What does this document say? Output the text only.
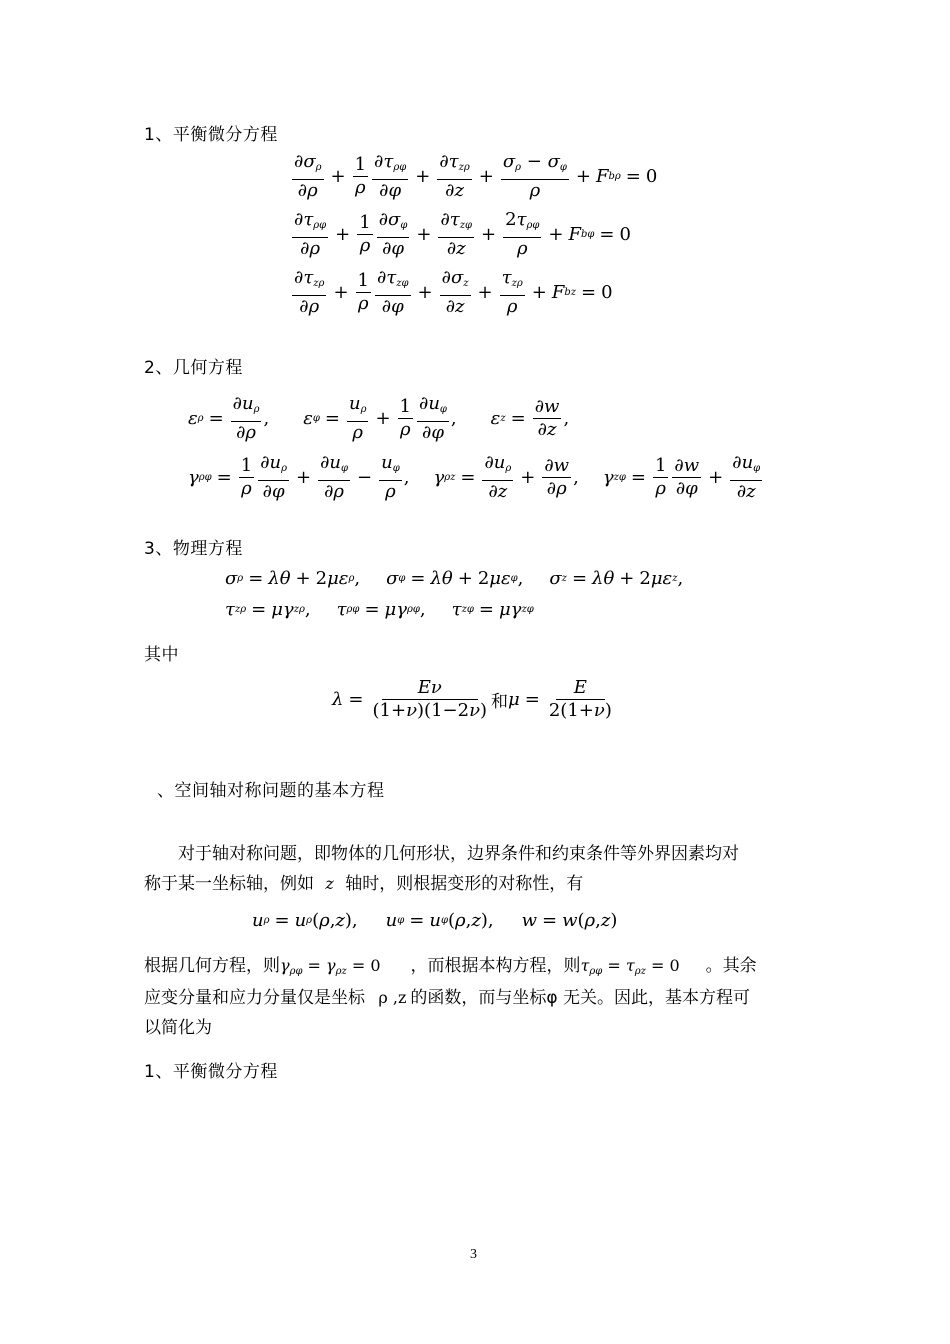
1、平衡微分方程
$\frac{\partial\sigma_\rho}{\partial\rho} + \frac{1}{\rho} \frac{\partial\tau_{\rho\varphi}}{\partial\varphi} + \frac{\partial\tau_{z\rho}}{\partial z} + \frac{\sigma_\rho - \sigma_\varphi}{\rho} + F$ bρ = 0
$\frac{\partial\tau_{\rho\varphi}}{\partial\rho} + \frac{1}{\rho} \frac{\partial\sigma_\varphi}{\partial\varphi} + \frac{\partial\tau_{z\varphi}}{\partial z} + \frac{2\tau_{\rho\varphi}}{\rho} + F$ bφ = 0
$\frac{\partial\tau_{z\rho}}{\partial\rho} + \frac{1}{\rho} \frac{\partial\tau_{z\varphi}}{\partial\varphi} + \frac{\partial\sigma_z}{\partial z} + \frac{\tau_{z\rho}}{\rho} + F$ bz = 0
2、几何方程
ε $\rho = \frac{\partial u_\rho}{\partial\rho}$ , ε $\varphi = \frac{u_\rho}{\rho} + \frac{1}{\rho} \frac{\partial u_\varphi}{\partial\varphi}$ , ε $z = \frac{\partial w}{\partial z}$ ,
γ $\rho\varphi = \frac{1}{\rho} \frac{\partial u_\rho}{\partial\varphi} + \frac{\partial u_\varphi}{\partial\rho} - \frac{u_\varphi}{\rho}$ , γ $\rho z = \frac{\partial u_\rho}{\partial z} + \frac{\partial w}{\partial\rho}$ , γ $z\varphi = \frac{1}{\rho} \frac{\partial w}{\partial\varphi} + \frac{\partial u_\varphi}{\partial z}$
3、物理方程
σ ρ = λθ + 2 με ρ , σ φ = λθ + 2 με φ , σ z = λθ + 2 με z ,
τ zρ = μγ zρ , τ ρφ = μγ ρφ , τ zφ = μγ zφ
其中
$\lambda = \frac{E\nu}{(1+\nu)(1-2\nu)}$ 和 $\mu = \frac{E}{2(1+\nu)}$
、空间轴对称问题的基本方程
对于轴对称问题，即物体的几何形状，边界条件和约束条件等外界因素均对
称于某一坐标轴，例如 z 轴时，则根据变形的对称性，有
u ρ = u ρ ( ρ , z ), u φ = u φ ( ρ , z ), w = w ( ρ , z )
根据几何方程，则$\gamma_{\rho\varphi} = \gamma_{\rho z} = 0$ ，而根据本构方程，则$\tau_{\rho\varphi} = \tau_{\rho z} = 0$ 。其余
应变分量和应力分量仅是坐标 ρ ,z 的函数，而与坐标φ 无关。因此，基本方程可
以简化为
1、平衡微分方程
3
